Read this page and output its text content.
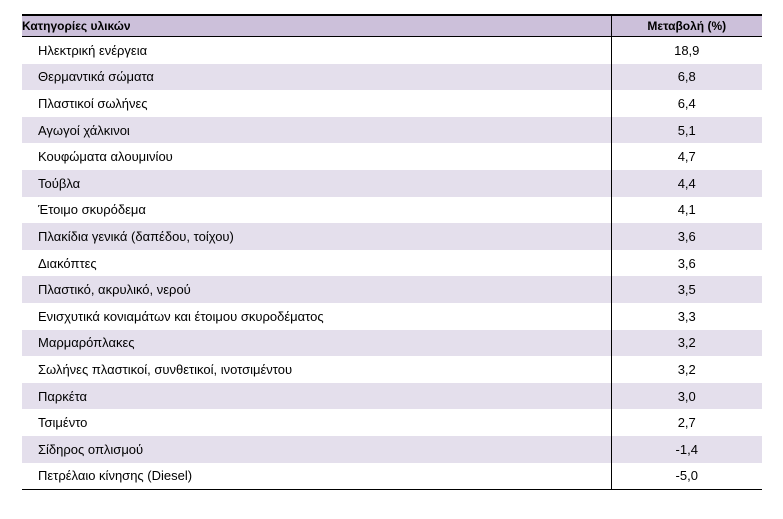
Κατηγορίες υλικών	Μεταβολή (%)
Ηλεκτρική ενέργεια	18,9
Θερμαντικά σώματα	6,8
Πλαστικοί σωλήνες	6,4
Αγωγοί χάλκινοι	5,1
Κουφώματα αλουμινίου	4,7
Τούβλα	4,4
Έτοιμο σκυρόδεμα	4,1
Πλακίδια γενικά (δαπέδου, τοίχου)	3,6
Διακόπτες	3,6
Πλαστικό, ακρυλικό, νερού	3,5
Ενισχυτικά κονιαμάτων και έτοιμου σκυροδέματος	3,3
Μαρμαρόπλακες	3,2
Σωλήνες πλαστικοί, συνθετικοί, ινοτσιμέντου	3,2
Παρκέτα	3,0
Τσιμέντο	2,7
Σίδηρος οπλισμού	-1,4
Πετρέλαιο κίνησης (Diesel)	-5,0
